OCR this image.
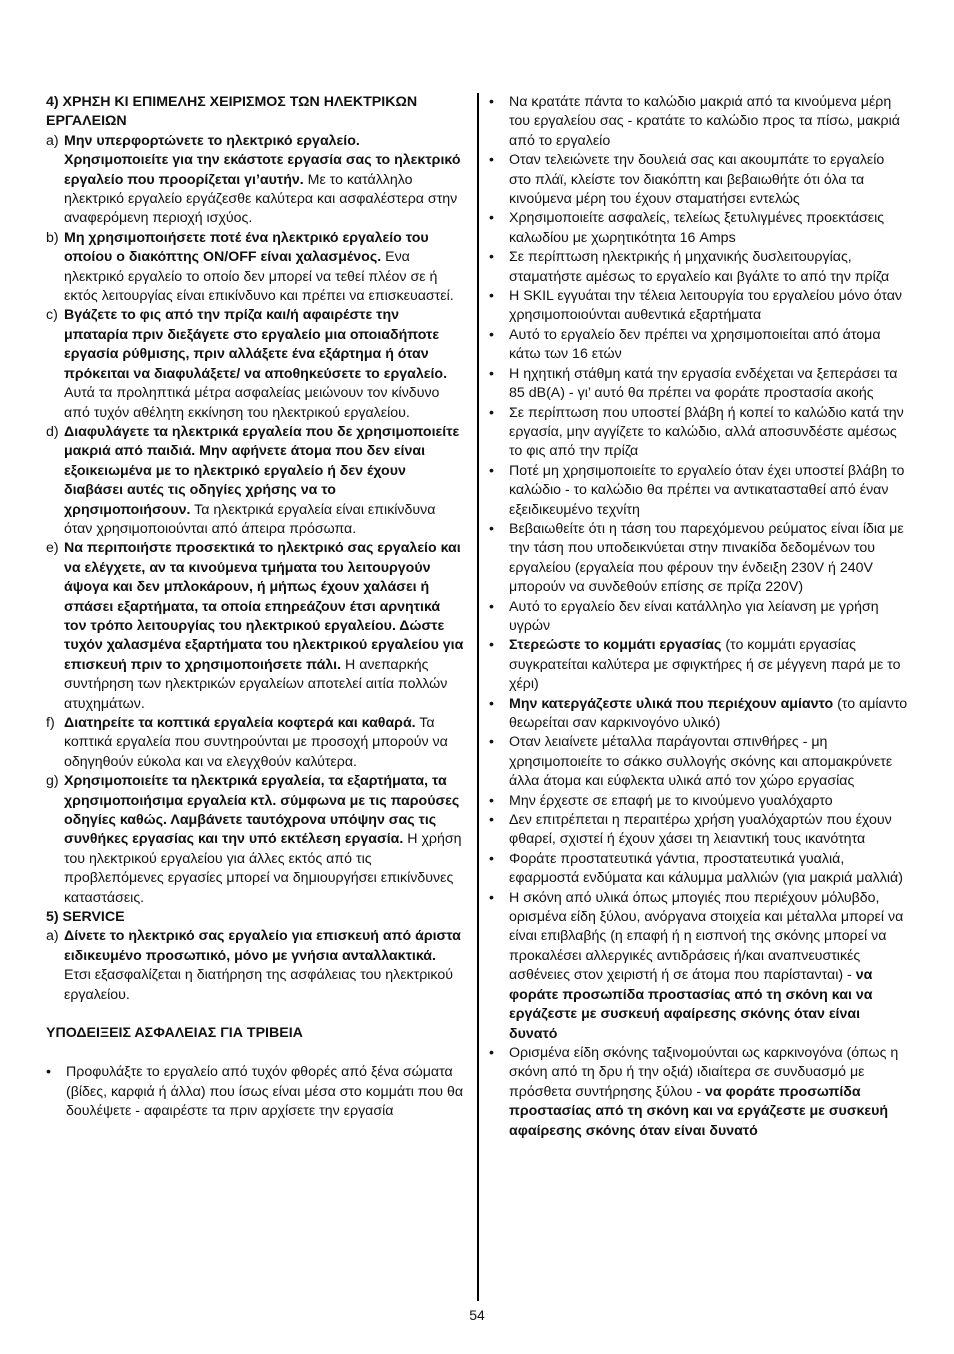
4) ΧΡΗΣΗ ΚΙ ΕΠΙΜΕΛΗΣ ΧΕΙΡΙΣΜΟΣ ΤΩΝ ΗΛΕΚΤΡΙΚΩΝ ΕΡΓΑΛΕΙΩΝ

a) Μην υπερφορτώνετε το ηλεκτρικό εργαλείο. Χρησιμοποιείτε για την εκάστοτε εργασία σας το ηλεκτρικό εργαλείο που προορίζεται γι’αυτήν. Με το κατάλληλο ηλεκτρικό εργαλείο εργάζεσθε καλύτερα και ασφαλέστερα στην αναφερόμενη περιοχή ισχύος.

b) Μη χρησιμοποιήσετε ποτέ ένα ηλεκτρικό εργαλείο του οποίου ο διακόπτης ON/OFF είναι χαλασμένος. Ενα ηλεκτρικό εργαλείο το οποίο δεν μπορεί να τεθεί πλέον σε ή εκτός λειτουργίας είναι επικίνδυνο και πρέπει να επισκευαστεί.

c) Βγάζετε το φις από την πρίζα και/ή αφαιρέστε την μπαταρία πριν διεξάγετε στο εργαλείο μια οποιαδήποτε εργασία ρύθμισης, πριν αλλάξετε ένα εξάρτημα ή όταν πρόκειται να διαφυλάξετε/ να αποθηκεύσετε το εργαλείο. Αυτά τα προληπτικά μέτρα ασφαλείας μειώνουν τον κίνδυνο από τυχόν αθέλητη εκκίνηση του ηλεκτρικού εργαλείου.

d) Διαφυλάγετε τα ηλεκτρικά εργαλεία που δε χρησιμοποιείτε μακριά από παιδιά. Μην αφήνετε άτομα που δεν είναι εξοικειωμένα με το ηλεκτρικό εργαλείο ή δεν έχουν διαβάσει αυτές τις οδηγίες χρήσης να το χρησιμοποιήσουν. Τα ηλεκτρικά εργαλεία είναι επικίνδυνα όταν χρησιμοποιούνται από άπειρα πρόσωπα.

e) Να περιποιήστε προσεκτικά το ηλεκτρικό σας εργαλείο και να ελέγχετε, αν τα κινούμενα τμήματα του λειτουργούν άψογα και δεν μπλοκάρουν, ή μήπως έχουν χαλάσει ή σπάσει εξαρτήματα, τα οποία επηρεάζουν έτσι αρνητικά τον τρόπο λειτουργίας του ηλεκτρικού εργαλείου. Δώστε τυχόν χαλασμένα εξαρτήματα του ηλεκτρικού εργαλείου για επισκευή πριν το χρησιμοποιήσετε πάλι. Η ανεπαρκής συντήρηση των ηλεκτρικών εργαλείων αποτελεί αιτία πολλών ατυχημάτων.

f) Διατηρείτε τα κοπτικά εργαλεία κοφτερά και καθαρά. Τα κοπτικά εργαλεία που συντηρούνται με προσοχή μπορούν να οδηγηθούν εύκολα και να ελεγχθούν καλύτερα.

g) Χρησιμοποιείτε τα ηλεκτρικά εργαλεία, τα εξαρτήματα, τα χρησιμοποιήσιμα εργαλεία κτλ. σύμφωνα με τις παρούσες οδηγίες καθώς. Λαμβάνετε ταυτόχρονα υπόψην σας τις συνθήκες εργασίας και την υπό εκτέλεση εργασία. Η χρήση του ηλεκτρικού εργαλείου για άλλες εκτός από τις προβλεπόμενες εργασίες μπορεί να δημιουργήσει επικίνδυνες καταστάσεις.

5) SERVICE

a) Δίνετε το ηλεκτρικό σας εργαλείο για επισκευή από άριστα ειδικευμένο προσωπικό, μόνο με γνήσια ανταλλακτικά. Ετσι εξασφαλίζεται η διατήρηση της ασφάλειας του ηλεκτρικού εργαλείου.

ΥΠΟΔΕΙΞΕΙΣ ΑΣΦΑΛΕΙΑΣ ΓΙΑ ΤΡΙΒΕΙΑ

• Προφυλάξτε το εργαλείο από τυχόν φθορές από ξένα σώματα (βίδες, καρφιά ή άλλα) που ίσως είναι μέσα στο κομμάτι που θα δουλέψετε - αφαιρέστε τα πριν αρχίσετε την εργασία

• Να κρατάτε πάντα το καλώδιο μακριά από τα κινούμενα μέρη του εργαλείου σας - κρατάτε το καλώδιο προς τα πίσω, μακριά από το εργαλείο

• Οταν τελειώνετε την δουλειά σας και ακουμπάτε το εργαλείο στο πλάϊ, κλείστε τον διακόπτη και βεβαιωθήτε ότι όλα τα κινούμενα μέρη του έχουν σταματήσει εντελώς

• Χρησιμοποιείτε ασφαλείς, τελείως ξετυλιγμένες προεκτάσεις καλωδίου με χωρητικότητα 16 Amps

• Σε περίπτωση ηλεκτρικής ή μηχανικής δυσλειτουργίας, σταματήστε αμέσως το εργαλείο και βγάλτε το από την πρίζα

• Η SKIL εγγυάται την τέλεια λειτουργία του εργαλείου μόνο όταν χρησιμοποιούνται αυθεντικά εξαρτήματα

• Αυτό το εργαλείο δεν πρέπει να χρησιμοποιείται από άτομα κάτω των 16 ετών

• Η ηχητική στάθμη κατά την εργασία ενδέχεται να ξεπεράσει τα 85 dB(A) - γι’ αυτό θα πρέπει να φοράτε προστασία ακοής

• Σε περίπτωση που υποστεί βλάβη ή κοπεί το καλώδιο κατά την εργασία, μην αγγίζετε το καλώδιο, αλλά αποσυνδέστε αμέσως το φις από την πρίζα

• Ποτέ μη χρησιμοποιείτε το εργαλείο όταν έχει υποστεί βλάβη το καλώδιο - το καλώδιο θα πρέπει να αντικατασταθεί από έναν εξειδικευμένο τεχνίτη

• Βεβαιωθείτε ότι η τάση του παρεχόμενου ρεύματος είναι ίδια με την τάση που υποδεικνύεται στην πινακίδα δεδομένων του εργαλείου (εργαλεία που φέρουν την ένδειξη 230V ή 240V μπορούν να συνδεθούν επίσης σε πρίζα 220V)

• Αυτό το εργαλείο δεν είναι κατάλληλο για λείανση με γρήση υγρών

• Στερεώστε το κομμάτι εργασίας (το κομμάτι εργασίας συγκρατείται καλύτερα με σφιγκτήρες ή σε μέγγενη παρά με το χέρι)

• Μην κατεργάζεστε υλικά που περιέχουν αμίαντο (το αμίαντο θεωρείται σαν καρκινογόνο υλικό)

• Οταν λειαίνετε μέταλλα παράγονται σπινθήρες - μη χρησιμοποιείτε το σάκκο συλλογής σκόνης και απομακρύνετε άλλα άτομα και εύφλεκτα υλικά από τον χώρο εργασίας

• Μην έρχεστε σε επαφή με το κινούμενο γυαλόχαρτο

• Δεν επιτρέπεται η περαιτέρω χρήση γυαλόχαρτών που έχουν φθαρεί, σχιστεί ή έχουν χάσει τη λειαντική τους ικανότητα

• Φοράτε προστατευτικά γάντια, προστατευτικά γυαλιά, εφαρμοστά ενδύματα και κάλυμμα μαλλιών (για μακριά μαλλιά)

• Η σκόνη από υλικά όπως μπογιές που περιέχουν μόλυβδο, ορισμένα είδη ξύλου, ανόργανα στοιχεία και μέταλλα μπορεί να είναι επιβλαβής (η επαφή ή η εισπνοή της σκόνης μπορεί να προκαλέσει αλλεργικές αντιδράσεις ή/και αναπνευστικές ασθένειες στον χειριστή ή σε άτομα που παρίστανται) - να φοράτε προσωπίδα προστασίας από τη σκόνη και να εργάζεστε με συσκευή αφαίρεσης σκόνης όταν είναι δυνατό

• Ορισμένα είδη σκόνης ταξινομούνται ως καρκινογόνα (όπως η σκόνη από τη δρυ ή την οξιά) ιδιαίτερα σε συνδυασμό με πρόσθετα συντήρησης ξύλου - να φοράτε προσωπίδα προστασίας από τη σκόνη και να εργάζεστε με συσκευή αφαίρεσης σκόνης όταν είναι δυνατό

54
